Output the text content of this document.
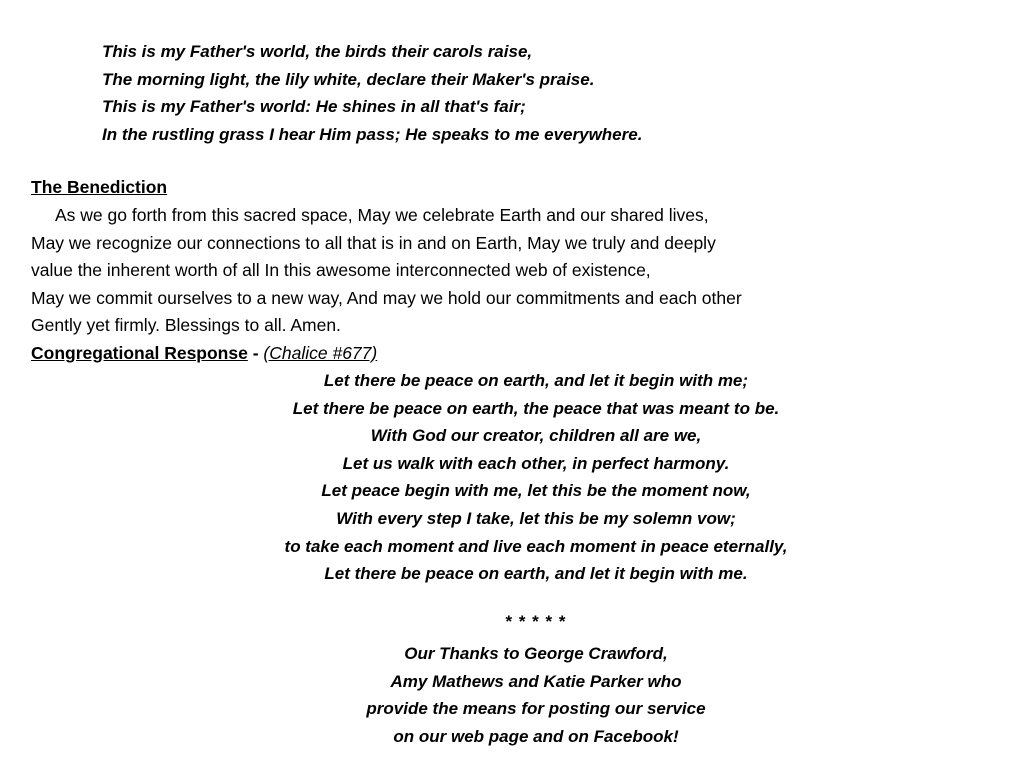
This is my Father's world, the birds their carols raise,
The morning light, the lily white, declare their Maker's praise.
This is my Father's world: He shines in all that's fair;
In the rustling grass I hear Him pass; He speaks to me everywhere.
The Benediction
As we go forth from this sacred space, May we celebrate Earth and our shared lives,
May we recognize our connections to all that is in and on Earth, May we truly and deeply
value the inherent worth of all In this awesome interconnected web of existence,
May we commit ourselves to a new way, And may we hold our commitments and each other
Gently yet firmly. Blessings to all. Amen.
Congregational Response - (Chalice #677)
Let there be peace on earth, and let it begin with me;
Let there be peace on earth, the peace that was meant to be.
With God our creator, children all are we,
Let us walk with each other, in perfect harmony.
Let peace begin with me, let this be the moment now,
With every step I take, let this be my solemn vow;
to take each moment and live each moment in peace eternally,
Let there be peace on earth, and let it begin with me.
* * * * *
Our Thanks to George Crawford,
Amy Mathews and Katie Parker who
provide the means for posting our service
on our web page and on Facebook!
